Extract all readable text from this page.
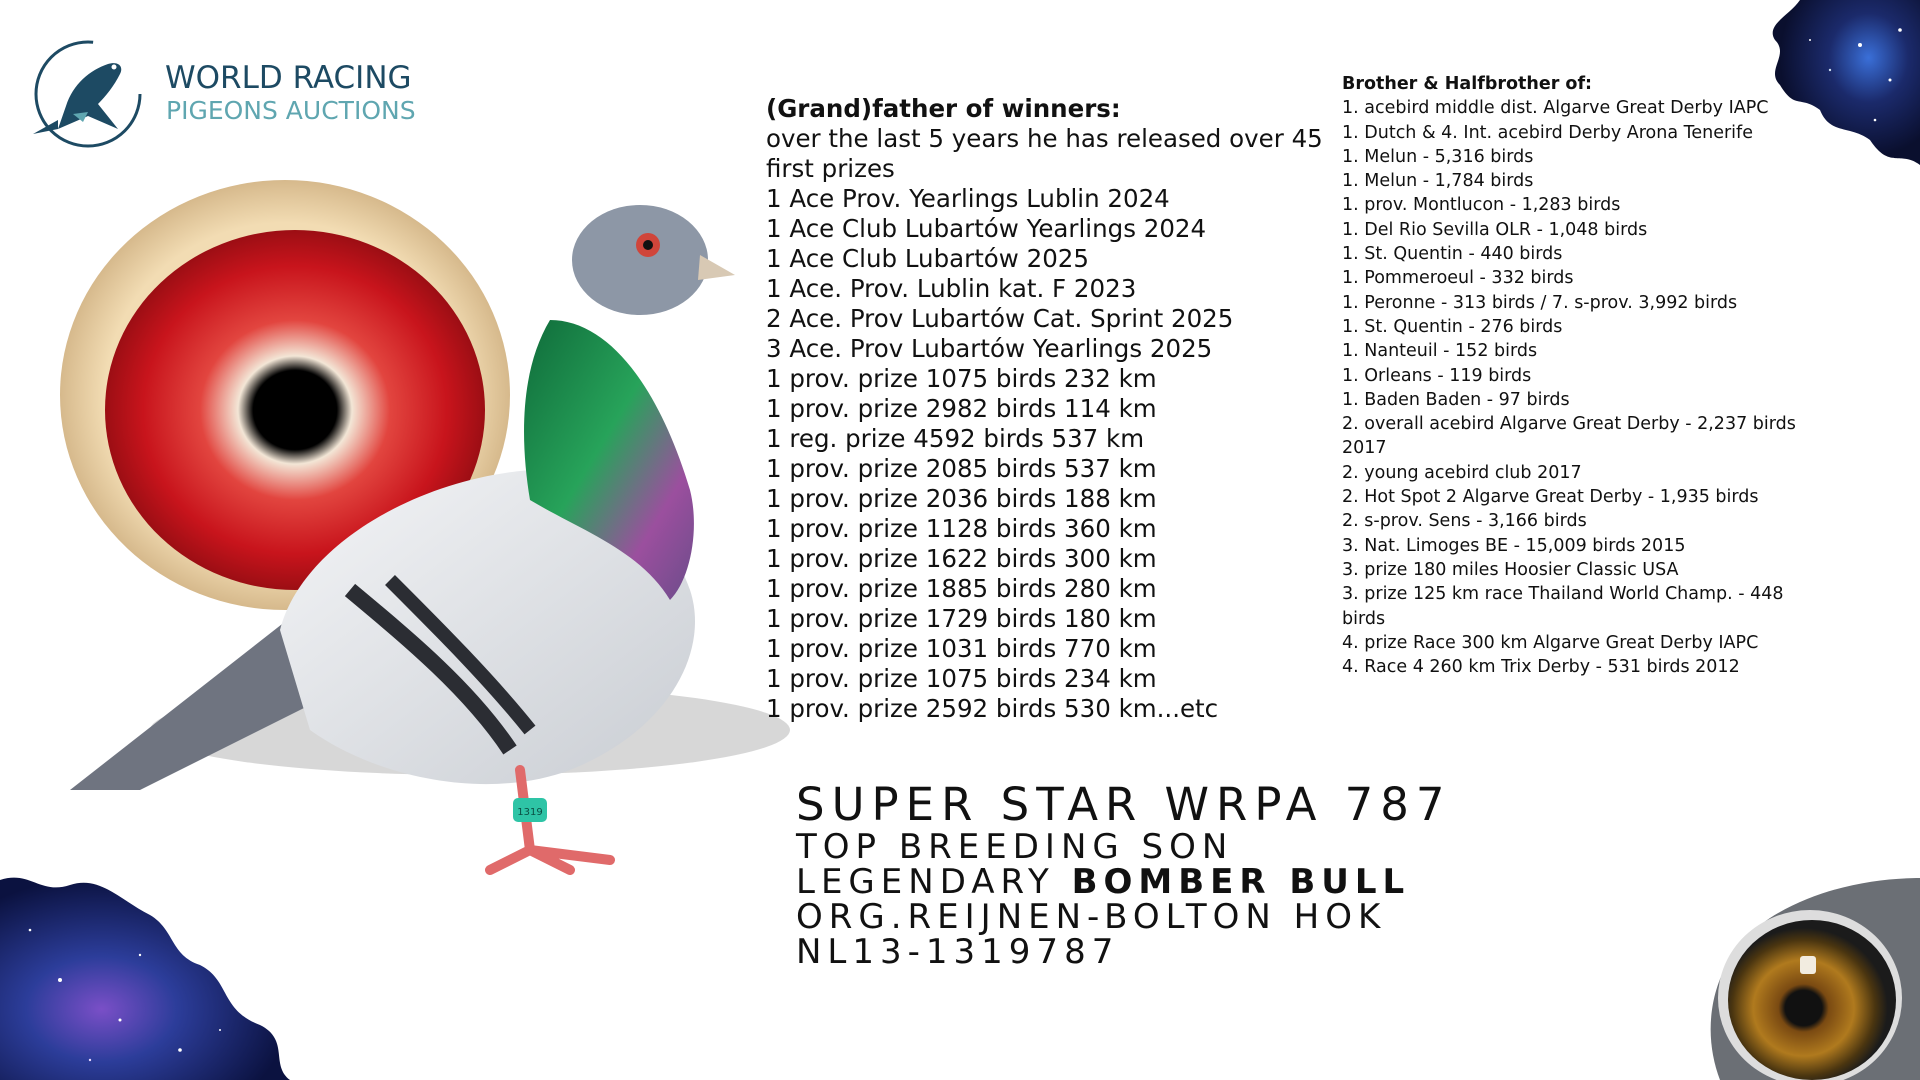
WORLD RACING
PIGEONS AUCTIONS
1319

(Grand)father of winners:

over the last 5 years he has released over 45 first prizes

1 Ace Prov. Yearlings Lublin 2024
1 Ace Club Lubartów Yearlings 2024
1 Ace Club Lubartów 2025
1 Ace. Prov. Lublin kat. F 2023
2 Ace. Prov Lubartów Cat. Sprint 2025
3 Ace. Prov Lubartów Yearlings 2025
1 prov. prize 1075 birds 232 km
1 prov. prize 2982 birds 114 km
1 reg. prize 4592 birds 537 km
1 prov. prize 2085 birds 537 km
1 prov. prize 2036 birds 188 km
1 prov. prize 1128 birds 360 km
1 prov. prize 1622 birds 300 km
1 prov. prize 1885 birds 280 km
1 prov. prize 1729 birds 180 km
1 prov. prize 1031 birds 770 km
1 prov. prize 1075 birds 234 km
1 prov. prize 2592 birds 530 km...etc

Brother & Halfbrother of:

1. acebird middle dist. Algarve Great Derby IAPC
1. Dutch & 4. Int. acebird Derby Arona Tenerife
1. Melun - 5,316 birds
1. Melun - 1,784 birds
1. prov. Montlucon - 1,283 birds
1. Del Rio Sevilla OLR - 1,048 birds
1. St. Quentin - 440 birds
1. Pommeroeul - 332 birds
1. Peronne - 313 birds / 7. s-prov. 3,992 birds
1. St. Quentin - 276 birds
1. Nanteuil - 152 birds
1. Orleans - 119 birds
1. Baden Baden - 97 birds
2. overall acebird Algarve Great Derby - 2,237 birds 2017
2. young acebird club 2017
2. Hot Spot 2 Algarve Great Derby - 1,935 birds
2. s-prov. Sens - 3,166 birds
3. Nat. Limoges BE - 15,009 birds 2015
3. prize 180 miles Hoosier Classic USA
3. prize 125 km race Thailand World Champ. - 448 birds
4. prize Race 300 km Algarve Great Derby IAPC
4. Race 4 260 km Trix Derby - 531 birds 2012

SUPER STAR WRPA 787

TOP BREEDING SON

LEGENDARY BOMBER BULL

ORG.REIJNEN-BOLTON HOK

NL13-1319787
